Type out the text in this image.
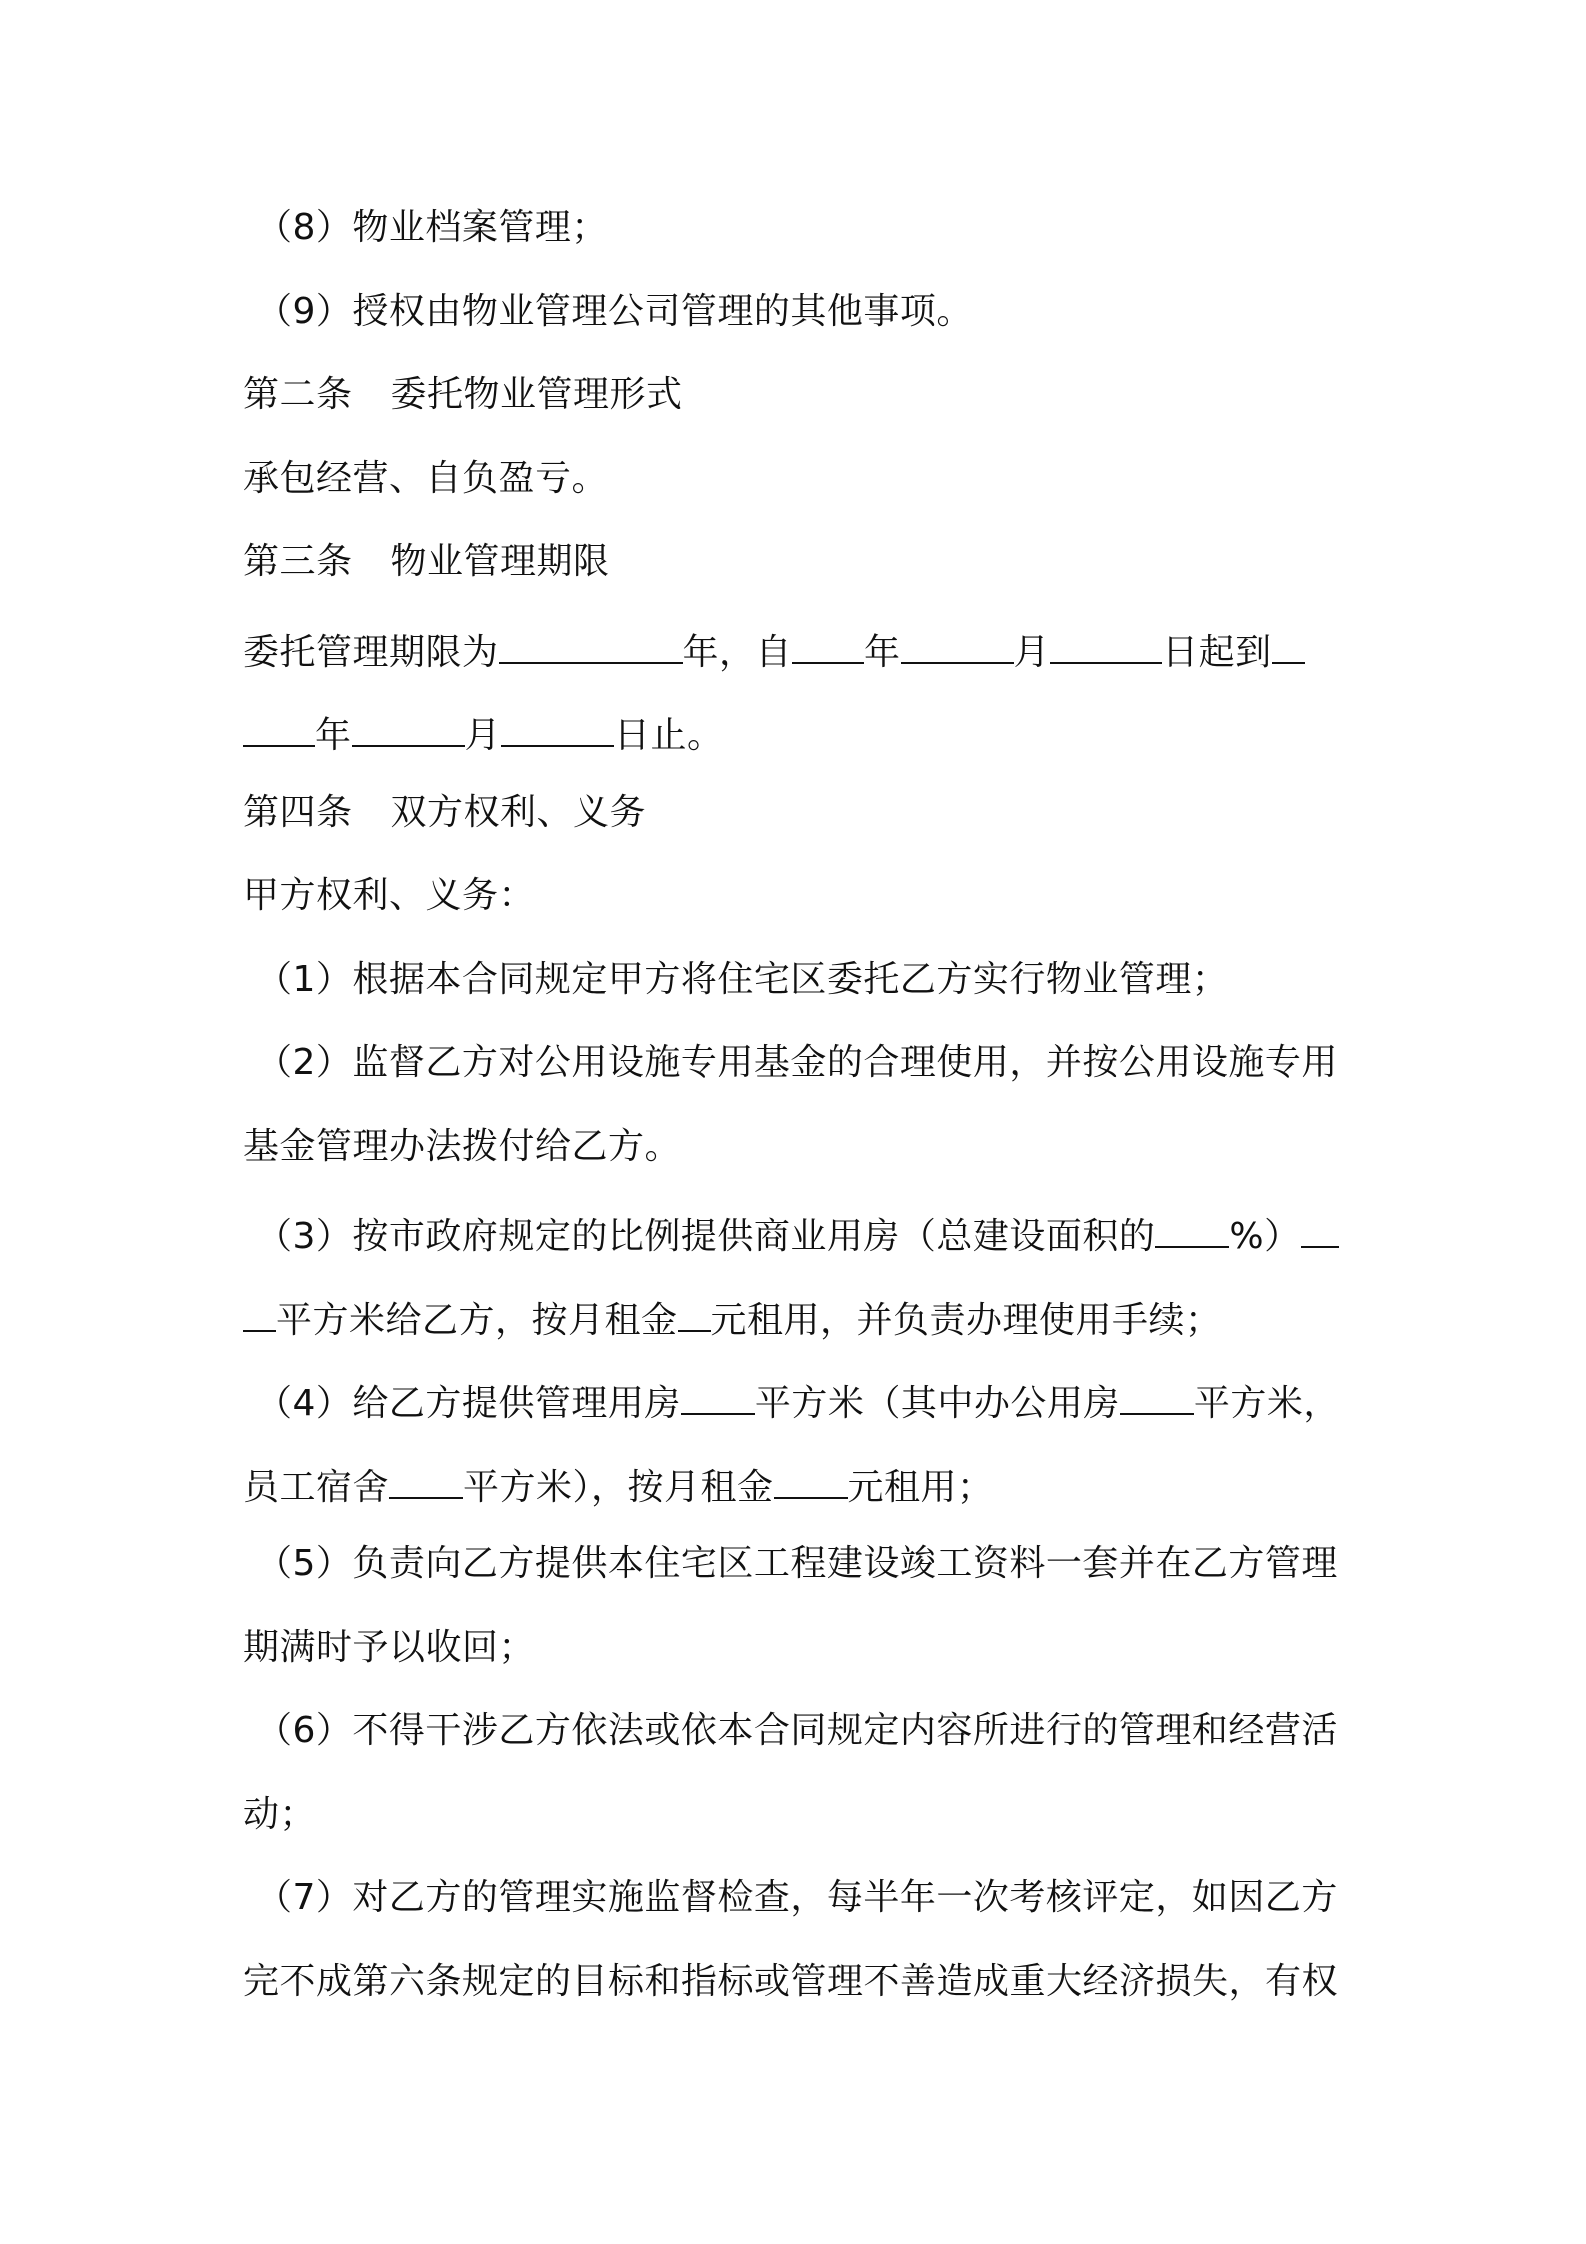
（8）物业档案管理；
（9）授权由物业管理公司管理的其他事项。
第二条 委托物业管理形式
承包经营、自负盈亏。
第三条 物业管理期限
委托管理期限为	年，自 年	月	日起到
年	月	日止。
第四条 双方权利、义务
甲方权利、义务：
（1）根据本合同规定甲方将住宅区委托乙方实行物业管理；
（2）监督乙方对公用设施专用基金的合理使用，并按公用设施专用
基金管理办法拨付给乙方。
（3）按市政府规定的比例提供商业用房（总建设面积的 %）
平方米给乙方，按月租金 元租用，并负责办理使用手续；
（4）给乙方提供管理用房 平方米（其中办公用房 平方米，
员工宿舍 平方米），按月租金 元租用；
（5）负责向乙方提供本住宅区工程建设竣工资料一套并在乙方管理
期满时予以收回；
（6）不得干涉乙方依法或依本合同规定内容所进行的管理和经营活
动；
（7）对乙方的管理实施监督检查，每半年一次考核评定，如因乙方
完不成第六条规定的目标和指标或管理不善造成重大经济损失，有权
